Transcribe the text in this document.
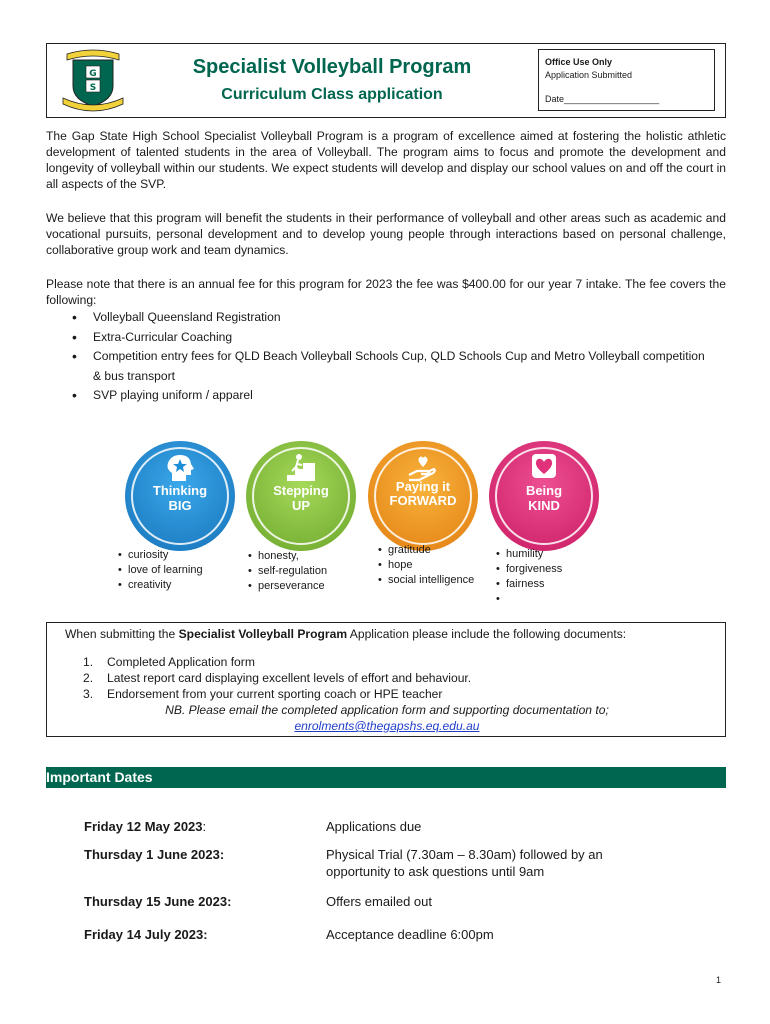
G
S
Specialist Volleyball Program
Curriculum Class application
Office Use Only
Application Submitted
Date___________________

The Gap State High School Specialist Volleyball Program is a program of excellence aimed at fostering the holistic athletic development of talented students in the area of Volleyball. The program aims to focus and promote the development and longevity of volleyball within our students. We expect students will develop and display our school values on and off the court in all aspects of the SVP.

We believe that this program will benefit the students in their performance of volleyball and other areas such as academic and vocational pursuits, personal development and to develop young people through interactions based on personal challenge, collaborative group work and team dynamics.

Please note that there is an annual fee for this program for 2023 the fee was $400.00 for our year 7 intake. The fee covers the following:

• Volleyball Queensland Registration
• Extra-Curricular Coaching
• Competition entry fees for QLD Beach Volleyball Schools Cup, QLD Schools Cup and Metro Volleyball competition & bus transport
• SVP playing uniform / apparel
Thinking
BIG
Stepping
UP
Paying it
FORWARD
Being
KIND
• curiosity
• love of learning
• creativity
• honesty,
• self-regulation
• perseverance
• gratitude
• hope
• social intelligence
• humility
• forgiveness
• fairness
When submitting the Specialist Volleyball Program Application please include the following documents:
1. Completed Application form
2. Latest report card displaying excellent levels of effort and behaviour.
3. Endorsement from your current sporting coach or HPE teacher
NB. Please email the completed application form and supporting documentation to;
enrolments@thegapshs.eq.edu.au
Important Dates
Friday 12 May 2023:	Applications due
Thursday 1 June 2023:	Physical Trial (7.30am – 8.30am) followed by an opportunity to ask questions until 9am
Thursday 15 June 2023:	Offers emailed out
Friday 14 July 2023:	Acceptance deadline 6:00pm
1
